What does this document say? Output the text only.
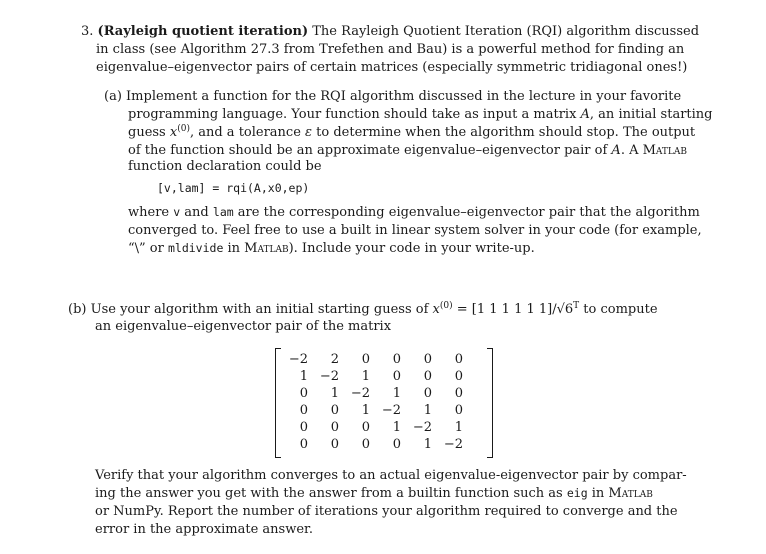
3. (Rayleigh quotient iteration) The Rayleigh Quotient Iteration (RQI) algorithm discussed
in class (see Algorithm 27.3 from Trefethen and Bau) is a powerful method for finding an
eigenvalue–eigenvector pairs of certain matrices (especially symmetric tridiagonal ones!)
(a) Implement a function for the RQI algorithm discussed in the lecture in your favorite
programming language. Your function should take as input a matrix A, an initial starting
guess $x^{(0)}$, and a tolerance ε to determine when the algorithm should stop. The output
of the function should be an approximate eigenvalue–eigenvector pair of A. A Matlab
function declaration could be
[v,lam] = rqi(A,x0,ep)
where v and lam are the corresponding eigenvalue–eigenvector pair that the algorithm
converged to. Feel free to use a built in linear system solver in your code (for example,
“\” or mldivide in Matlab). Include your code in your write-up.
(b) Use your algorithm with an initial starting guess of $x^{(0)} = [1$ 1 1 1 1 $1]/√6^T$ to compute
an eigenvalue–eigenvector pair of the matrix
−2	2	0	0	0	0
1 −2	1	0	0	0
0	1 −2	1	0	0
0	0	1 −2	1	0
0	0	0	1 −2	1
0	0	0	0	1 −2
Verify that your algorithm converges to an actual eigenvalue-eigenvector pair by compar-
ing the answer you get with the answer from a builtin function such as eig in Matlab
or NumPy. Report the number of iterations your algorithm required to converge and the
error in the approximate answer.
